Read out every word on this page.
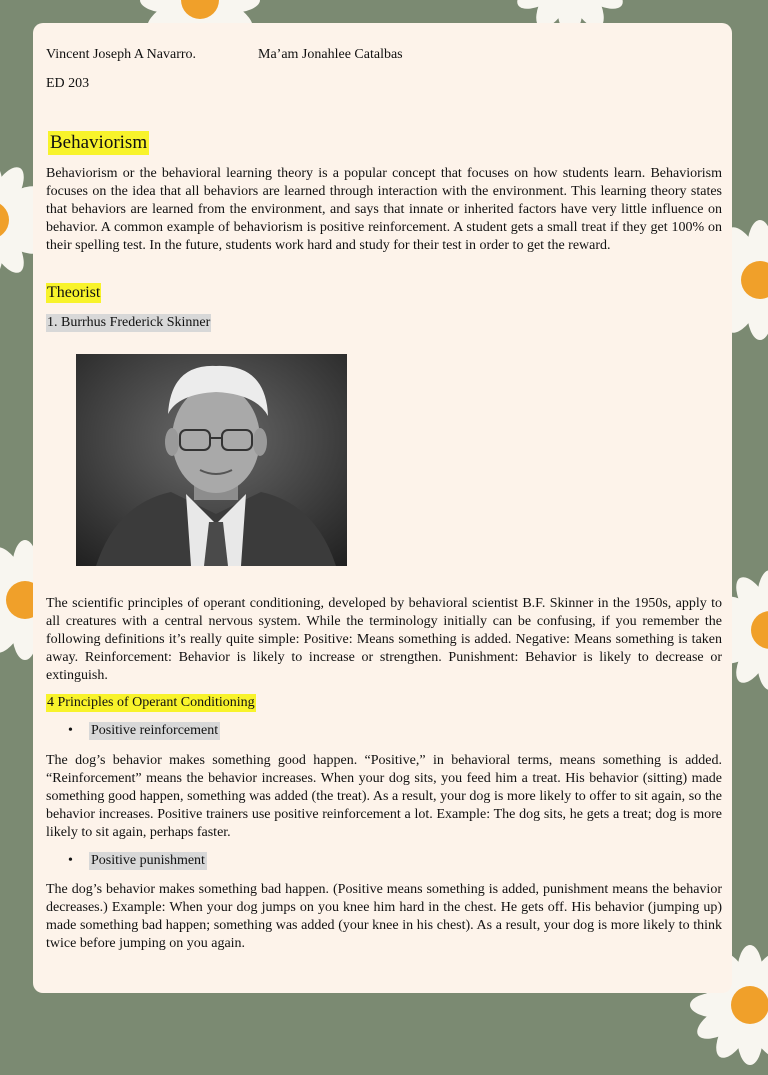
Vincent Joseph A Navarro.	Ma’am Jonahlee Catalbas
ED 203
Behaviorism

Behaviorism or the behavioral learning theory is a popular concept that focuses on how students learn. Behaviorism focuses on the idea that all behaviors are learned through interaction with the environment. This learning theory states that behaviors are learned from the environment, and says that innate or inherited factors have very little influence on behavior. A common example of behaviorism is positive reinforcement. A student gets a small treat if they get 100% on their spelling test. In the future, students work hard and study for their test in order to get the reward.

Theorist
1. Burrhus Frederick Skinner

The scientific principles of operant conditioning, developed by behavioral scientist B.F. Skinner in the 1950s, apply to all creatures with a central nervous system. While the terminology initially can be confusing, if you remember the following definitions it’s really quite simple: Positive: Means something is added. Negative: Means something is taken away. Reinforcement: Behavior is likely to increase or strengthen. Punishment: Behavior is likely to decrease or extinguish.

4 Principles of Operant Conditioning
• Positive reinforcement

The dog’s behavior makes something good happen. “Positive,” in behavioral terms, means something is added. “Reinforcement” means the behavior increases. When your dog sits, you feed him a treat. His behavior (sitting) made something good happen, something was added (the treat). As a result, your dog is more likely to offer to sit again, so the behavior increases. Positive trainers use positive reinforcement a lot. Example: The dog sits, he gets a treat; dog is more likely to sit again, perhaps faster.

• Positive punishment

The dog’s behavior makes something bad happen. (Positive means something is added, punishment means the behavior decreases.) Example: When your dog jumps on you knee him hard in the chest. He gets off. His behavior (jumping up) made something bad happen; something was added (your knee in his chest). As a result, your dog is more likely to think twice before jumping on you again.
